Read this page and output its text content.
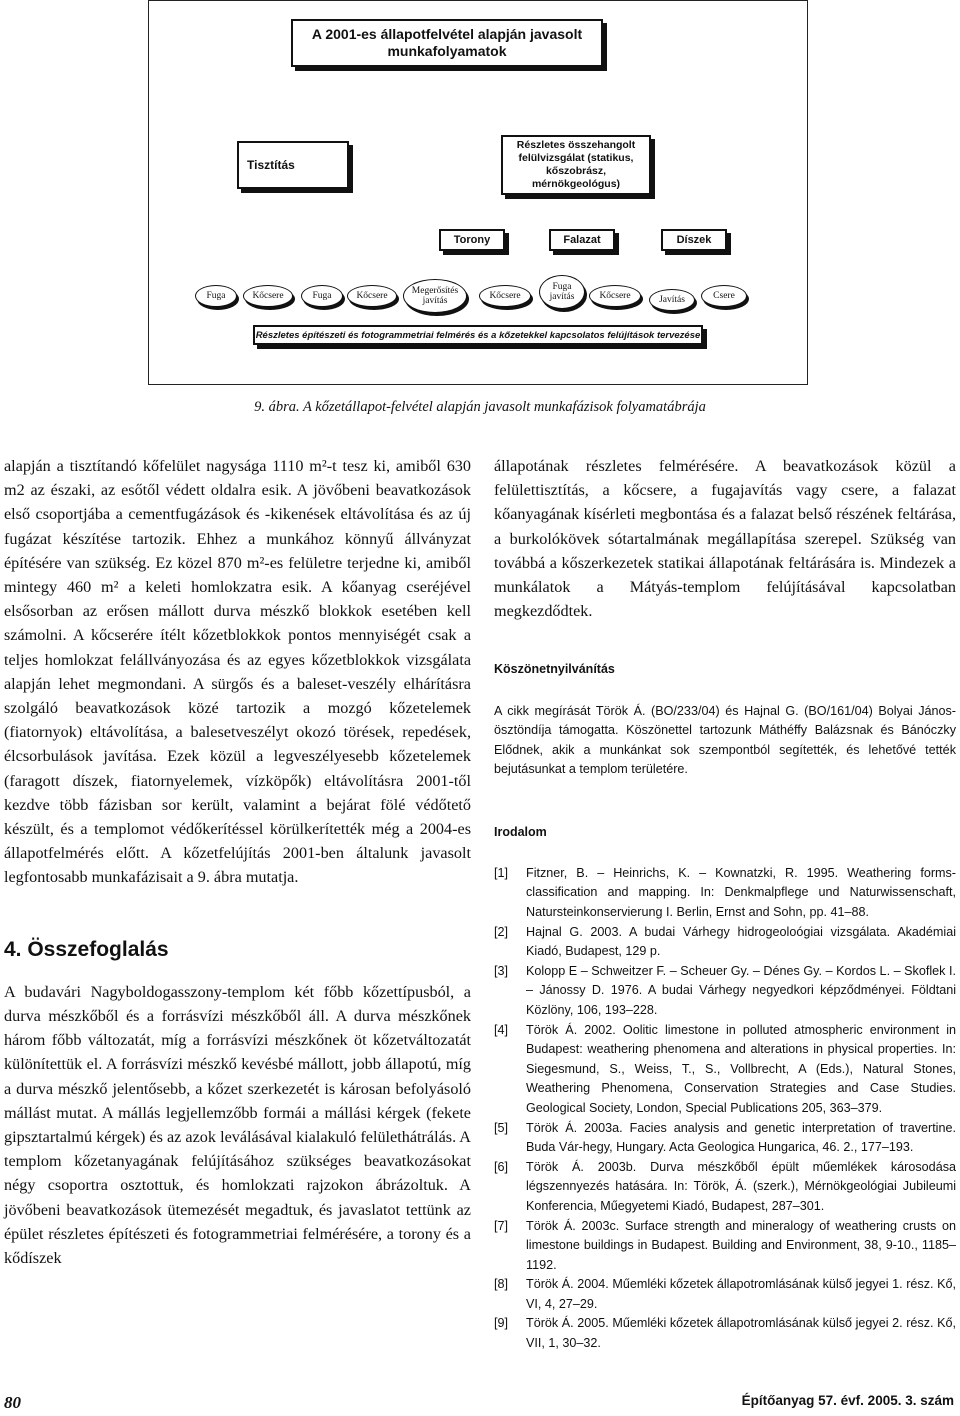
A 2001-es állapotfelvétel alapján javasolt munkafolyamatok
Tisztítás
Részletes összehangolt felülvizsgálat (statikus, kőszobrász, mérnökgeológus)
Torony	Falazat	Díszek
Fuga	Kőcsere	Fuga	Kőcsere	Megerősítés javítás	Kőcsere
Fuga javítás	Kőcsere	Javítás	Csere
Részletes építészeti és fotogrammetriai felmérés és a kőzetekkel kapcsolatos felújítások tervezése
9. ábra. A kőzetállapot-felvétel alapján javasolt munkafázisok folyamatábrája

alapján a tisztítandó kőfelület nagysága 1110 m²-t tesz ki, amiből 630 m2 az északi, az esőtől védett oldalra esik. A jövőbeni beavatkozások első csoportjába a cementfugázások és -kikenések eltávolítása és az új fugázat készítése tartozik. Ehhez a munkához könnyű állványzat építésére van szükség. Ez közel 870 m²-es felületre terjedne ki, amiből mintegy 460 m² a keleti homlokzatra esik. A kőanyag cseréjével elsősorban az erősen mállott durva mészkő blokkok esetében kell számolni. A kőcserére ítélt kőzetblokkok pontos mennyiségét csak a teljes homlokzat felállványozása és az egyes kőzetblokkok vizsgálata alapján lehet megmondani. A sürgős és a baleset-veszély elhárításra szolgáló beavatkozások közé tartozik a mozgó kőzetelemek (fiatornyok) eltávolítása, a balesetveszélyt okozó törések, repedések, élcsorbulások javítása. Ezek közül a legveszélyesebb kőzetelemek (faragott díszek, fiatornyelemek, vízköpők) eltávolításra 2001-től kezdve több fázisban sor került, valamint a bejárat fölé védőtető készült, és a templomot védőkerítéssel körülkerítették még a 2004-es állapotfelmérés előtt. A kőzetfelújítás 2001-ben általunk javasolt legfontosabb munkafázisait a 9. ábra mutatja.

4. Összefoglalás

A budavári Nagyboldogasszony-templom két főbb kőzettípusból, a durva mészkőből és a forrásvízi mészkőből áll. A durva mészkőnek három főbb változatát, míg a forrásvízi mészkőnek öt kőzetváltozatát különítettük el. A forrásvízi mészkő kevésbé mállott, jobb állapotú, míg a durva mészkő jelentősebb, a kőzet szerkezetét is károsan befolyásoló mállást mutat. A mállás legjellemzőbb formái a mállási kérgek (fekete gipsztartalmú kérgek) és az azok leválásával kialakuló felülethátrálás. A templom kőzetanyagának felújításához szükséges beavatkozásokat négy csoportra osztottuk, és homlokzati rajzokon ábrázoltuk. A jövőbeni beavatkozások ütemezését megadtuk, és javaslatot tettünk az épület részletes építészeti és fotogrammetriai felmérésére, a torony és a kődíszek

állapotának részletes felmérésére. A beavatkozások közül a felülettisztítás, a kőcsere, a fugajavítás vagy csere, a falazat kőanyagának kísérleti megbontása és a falazat belső részének feltárása, a burkolókövek sótartalmának megállapítása szerepel. Szükség van továbbá a kőszerkezetek statikai állapotának feltárására is. Mindezek a munkálatok a Mátyás-templom felújításával kapcsolatban megkezdődtek.

Köszönetnyilvánítás

A cikk megírását Török Á. (BO/233/04) és Hajnal G. (BO/161/04) Bolyai János-ösztöndíja támogatta. Köszönettel tartozunk Máthéffy Balázsnak és Bánóczky Elődnek, akik a munkánkat sok szempontból segítették, és lehetővé tették bejutásunkat a templom területére.

Irodalom
[1]	Fitzner, B. – Heinrichs, K. – Kownatzki, R. 1995. Weathering forms-classification and mapping. In: Denkmalpflege und Naturwissenschaft, Natursteinkonservierung I. Berlin, Ernst and Sohn, pp. 41–88.
[2]	Hajnal G. 2003. A budai Várhegy hidrogeoloógiai vizsgálata. Akadémiai Kiadó, Budapest, 129 p.
[3]	Kolopp E – Schweitzer F. – Scheuer Gy. – Dénes Gy. – Kordos L. – Skoflek I. – Jánossy D. 1976. A budai Várhegy negyedkori képződményei. Földtani Közlöny, 106, 193–228.
[4]	Török Á. 2002. Oolitic limestone in polluted atmospheric environment in Budapest: weathering phenomena and alterations in physical properties. In: Siegesmund, S., Weiss, T., S., Vollbrecht, A (Eds.), Natural Stones, Weathering Phenomena, Conservation Strategies and Case Studies. Geological Society, London, Special Publications 205, 363–379.
[5]	Török Á. 2003a. Facies analysis and genetic interpretation of travertine. Buda Vár-hegy, Hungary. Acta Geologica Hungarica, 46. 2., 177–193.
[6]	Török Á. 2003b. Durva mészkőből épült műemlékek károsodása légszennyezés hatására. In: Török, Á. (szerk.), Mérnökgeológiai Jubileumi Konferencia, Műegyetemi Kiadó, Budapest, 287–301.
[7]	Török Á. 2003c. Surface strength and mineralogy of weathering crusts on limestone buildings in Budapest. Building and Environment, 38, 9-10., 1185–1192.
[8]	Török Á. 2004. Műemléki kőzetek állapotromlásának külső jegyei 1. rész. Kő, VI, 4, 27–29.
[9]	Török Á. 2005. Műemléki kőzetek állapotromlásának külső jegyei 2. rész. Kő, VII, 1, 30–32.
80	Építőanyag 57. évf. 2005. 3. szám
